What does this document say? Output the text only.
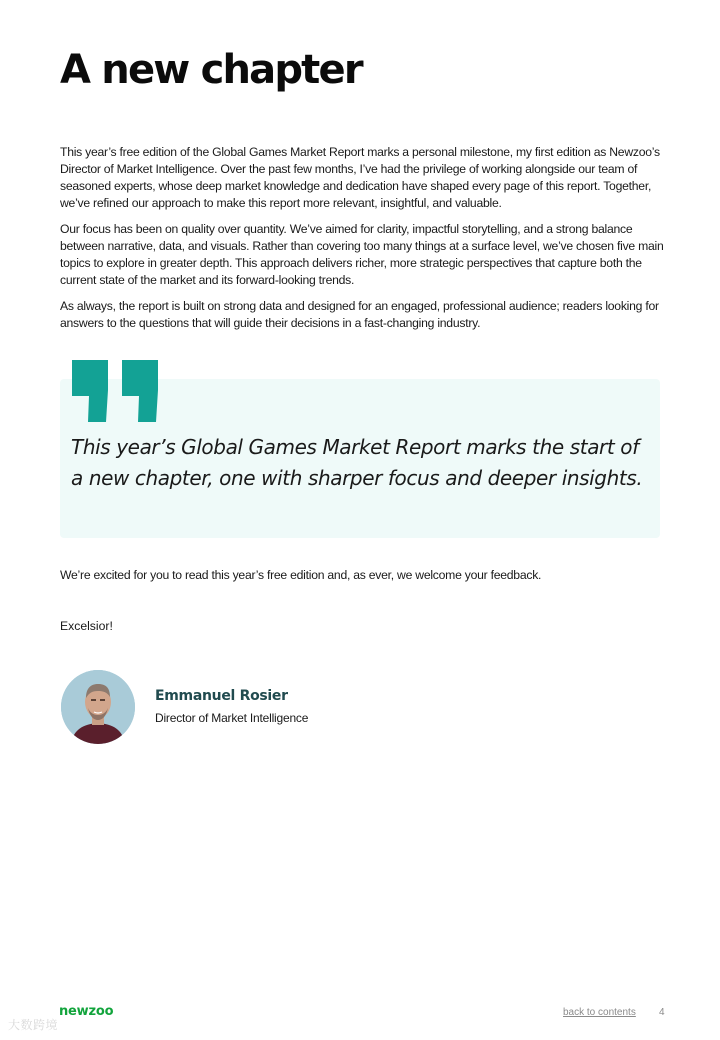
A new chapter

This year’s free edition of the Global Games Market Report marks a personal milestone, my first edition as Newzoo’s Director of Market Intelligence. Over the past few months, I’ve had the privilege of working alongside our team of seasoned experts, whose deep market knowledge and dedication have shaped every page of this report. Together, we’ve refined our approach to make this report more relevant, insightful, and valuable.

Our focus has been on quality over quantity. We’ve aimed for clarity, impactful storytelling, and a strong balance between narrative, data, and visuals. Rather than covering too many things at a surface level, we’ve chosen five main topics to explore in greater depth. This approach delivers richer, more strategic perspectives that capture both the current state of the market and its forward-looking trends.

As always, the report is built on strong data and designed for an engaged, professional audience; readers looking for answers to the questions that will guide their decisions in a fast-changing industry.

This year’s Global Games Market Report marks the start of a new chapter, one with sharper focus and deeper insights.

We’re excited for you to read this year’s free edition and, as ever, we welcome your feedback.

Excelsior!

Emmanuel Rosier

Director of Market Intelligence

newzoo	back to contents 4
大数跨境
